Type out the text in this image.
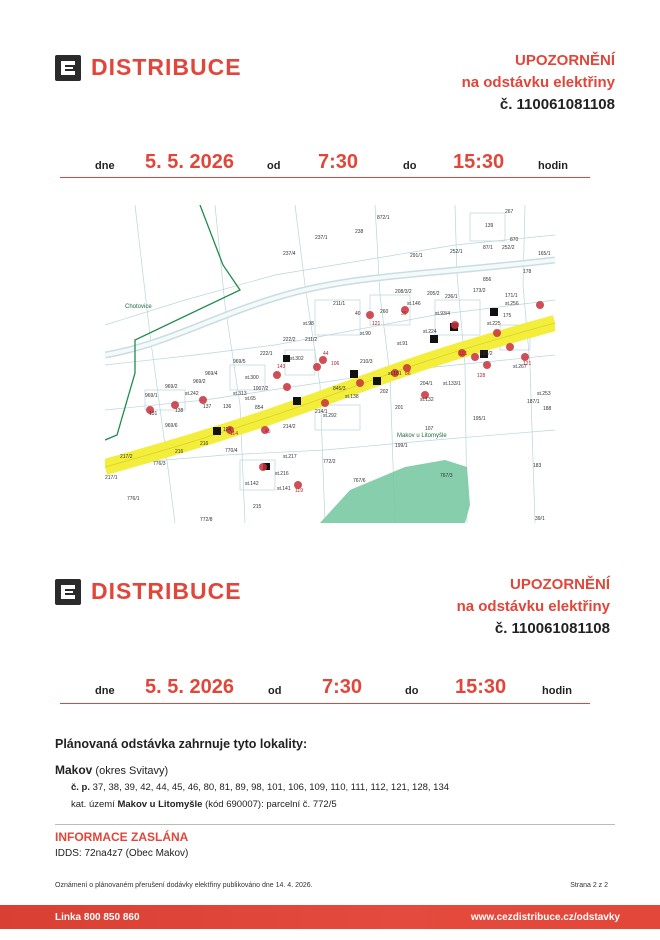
DISTRIBUCE	UPOZORNĚNÍ
na odstávku elektřiny
č. 110061081108
dne 5. 5. 2026	od 7:30	do 15:30	hodin
267
139
870
872/1
238
237/1
237/4	291/1
252/1
87/1 252/2
165/1
178
856
211/1
40	260
208/3/2	205/2
st.146
236/1
173/2
171/1
st.256
175
222/2 211/2
222/1
969/5
969/4
969/2
969/2
969/1
131	138
137 136
969/6
114
216
217/2
217/1
776/1
776/3
770/4
st.142
215
772/8
772/2
767/6
767/3
39/1
183
107
201
202
195/1
189/2
187/1
188
st.253
st.267
st.132
204/1 st.133/1
199/1
st.98
st.90	st.224
st.91
st.93/4
st.225
st.302
st.300
st.65
st.313
st.242
st.292
st.138
st.181
st.217
st.216
st.141
214/2
214/1
845/3
210/3
1007/2
854
216
Chotovice
Makov u Litomyšle
143
44
106
39
121
86
101
128
121
45
114
119
DISTRIBUCE	UPOZORNĚNÍ
na odstávku elektřiny
č. 110061081108
dne 5. 5. 2026	od 7:30	do 15:30	hodin
Plánovaná odstávka zahrnuje tyto lokality:
Makov (okres Svitavy)
č. p. 37, 38, 39, 42, 44, 45, 46, 80, 81, 89, 98, 101, 106, 109, 110, 111, 112, 121, 128, 134
kat. území Makov u Litomyšle (kód 690007): parcelní č. 772/5
INFORMACE ZASLÁNA
IDDS: 72na4z7 (Obec Makov)
Oznámení o plánovaném přerušení dodávky elektřiny publikováno dne 14. 4. 2026.	Strana 2 z 2
Linka 800 850 860	www.cezdistribuce.cz/odstavky
